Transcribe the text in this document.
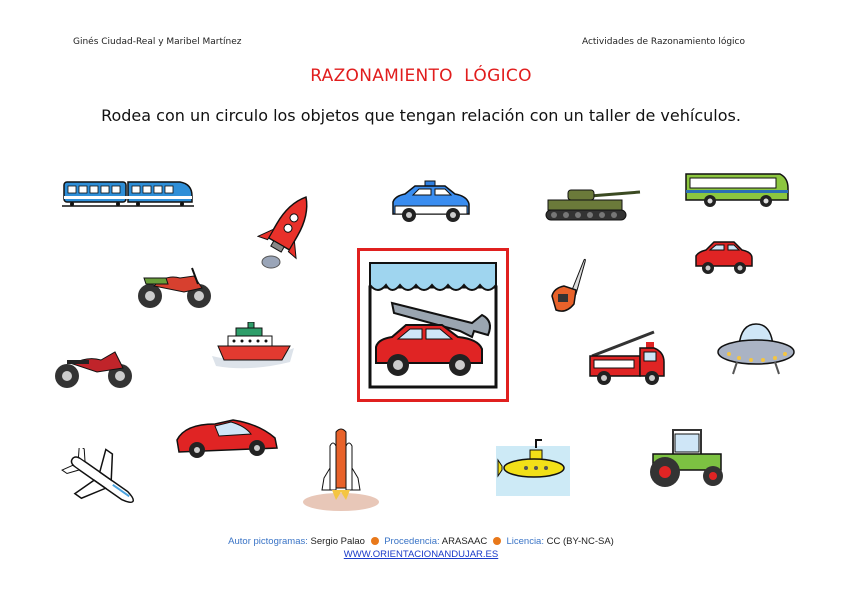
Ginés Ciudad-Real y Maribel Martínez	Actividades de Razonamiento lógico
RAZONAMIENTO  LÓGICO
Rodea con un circulo los objetos que tengan relación con un taller de vehículos.
Autor pictogramas: Sergio Palao Procedencia: ARASAAC Licencia: CC (BY-NC-SA)
WWW.ORIENTACIONANDUJAR.ES
